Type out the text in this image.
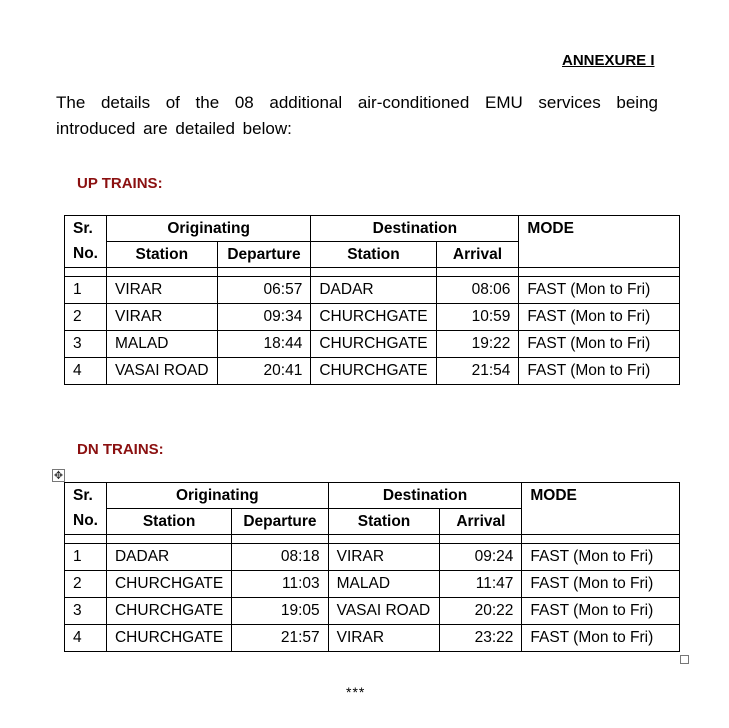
ANNEXURE I
The details of the 08 additional air-conditioned EMU services being introduced are detailed below:
UP TRAINS:
Sr.	Originating		Destination		MODE
No.	Station	Departure	Station	Arrival	

1	VIRAR	06:57	DADAR	08:06	FAST (Mon to Fri)
2	VIRAR	09:34	CHURCHGATE	10:59	FAST (Mon to Fri)
3	MALAD	18:44	CHURCHGATE	19:22	FAST (Mon to Fri)
4	VASAI ROAD	20:41	CHURCHGATE	21:54	FAST (Mon to Fri)
DN TRAINS:
✥
Sr.	Originating		Destination		MODE
No.	Station	Departure	Station	Arrival	

1	DADAR	08:18	VIRAR	09:24	FAST (Mon to Fri)
2	CHURCHGATE	11:03	MALAD	11:47	FAST (Mon to Fri)
3	CHURCHGATE	19:05	VASAI ROAD	20:22	FAST (Mon to Fri)
4	CHURCHGATE	21:57	VIRAR	23:22	FAST (Mon to Fri)
***
